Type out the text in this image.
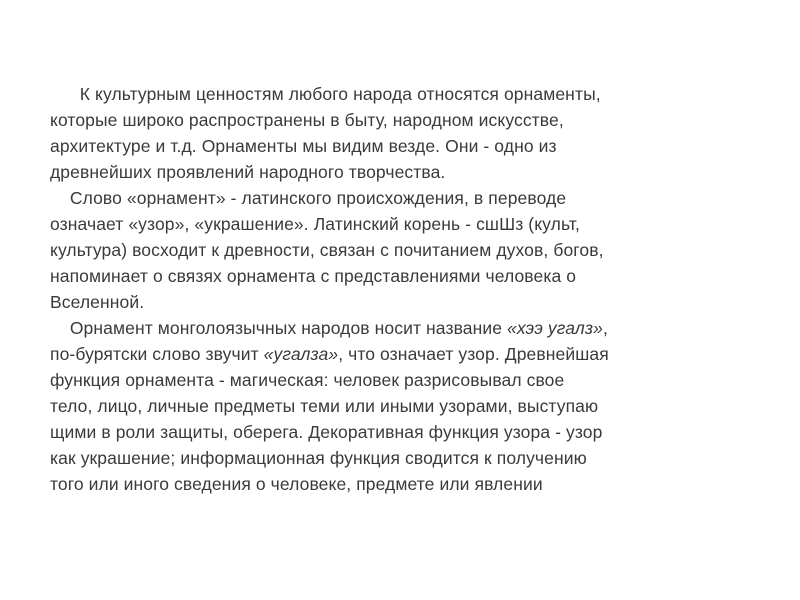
К культурным ценностям любого народа относятся орнаменты,
которые широко распространены в быту, народном искусстве,
архитектуре и т.д. Орнаменты мы видим везде. Они - одно из
древнейших проявлений народного творчества.
Слово «орнамент» - латинского происхождения, в переводе
означает «узор», «украшение». Латинский корень - сшШз (культ,
культура) восходит к древности, связан с почитанием духов, богов,
напоминает о связях орнамента с представлениями человека о
Вселенной.
Орнамент монголоязычных народов носит название «хээ угалз»,
по-бурятски слово звучит «угалза», что означает узор. Древнейшая
функция орнамента - магическая: человек разрисовывал свое
тело, лицо, личные предметы теми или иными узорами, выступаю
щими в роли защиты, оберега. Декоративная функция узора - узор
как украшение; информационная функция сводится к получению
того или иного сведения о человеке, предмете или явлении
